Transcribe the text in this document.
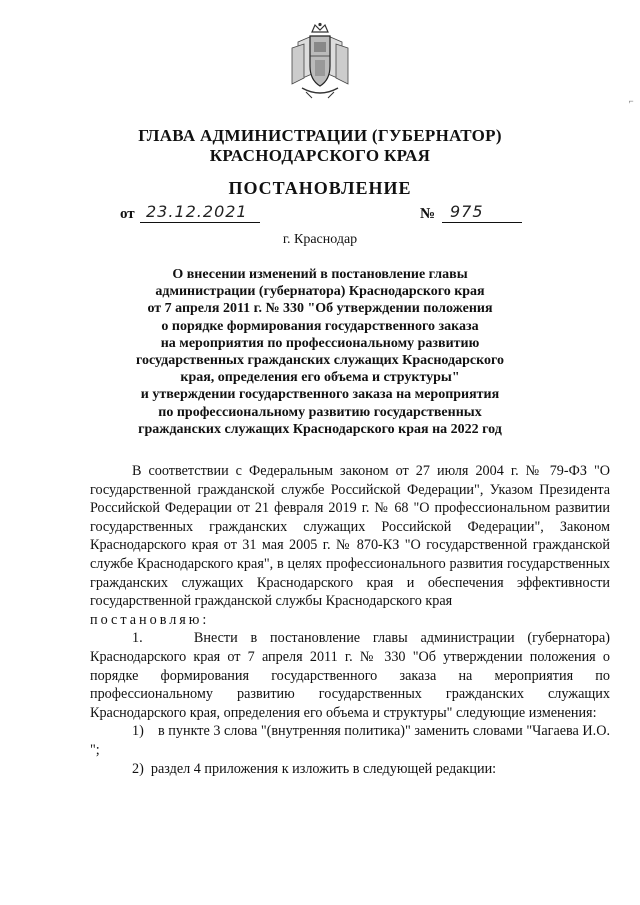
⌐
ГЛАВА АДМИНИСТРАЦИИ (ГУБЕРНАТОР)
КРАСНОДАРСКОГО КРАЯ
ПОСТАНОВЛЕНИЕ
от 23.12.2021	№ 975
г. Краснодар
О внесении изменений в постановление главы
администрации (губернатора) Краснодарского края
от 7 апреля 2011 г. № 330 "Об утверждении положения
о порядке формирования государственного заказа
на мероприятия по профессиональному развитию
государственных гражданских служащих Краснодарского
края, определения его объема и структуры"
и утверждении государственного заказа на мероприятия
по профессиональному развитию государственных
гражданских служащих Краснодарского края на 2022 год

В соответствии с Федеральным законом от 27 июля 2004 г. № 79-ФЗ "О государственной гражданской службе Российской Федерации", Указом Президента Российской Федерации от 21 февраля 2019 г. № 68 "О профессиональном развитии государственных гражданских служащих Российской Федерации", Законом Краснодарского края от 31 мая 2005 г. № 870-КЗ "О государственной гражданской службе Краснодарского края", в целях профессионального развития государственных гражданских служащих Краснодарского края и обеспечения эффективности государственной гражданской службы Краснодарского края

постановляю:

1.    Внести в постановление главы администрации (губернатора) Краснодарского края от 7 апреля 2011 г. № 330 "Об утверждении положения о порядке формирования государственного заказа на мероприятия по профессиональному развитию государственных гражданских служащих Краснодарского края, определения его объема и структуры" следующие изменения:

1)    в пункте 3 слова "(внутренняя политика)" заменить словами "Чагаева И.О. ";

2)  раздел 4 приложения к изложить в следующей редакции:
